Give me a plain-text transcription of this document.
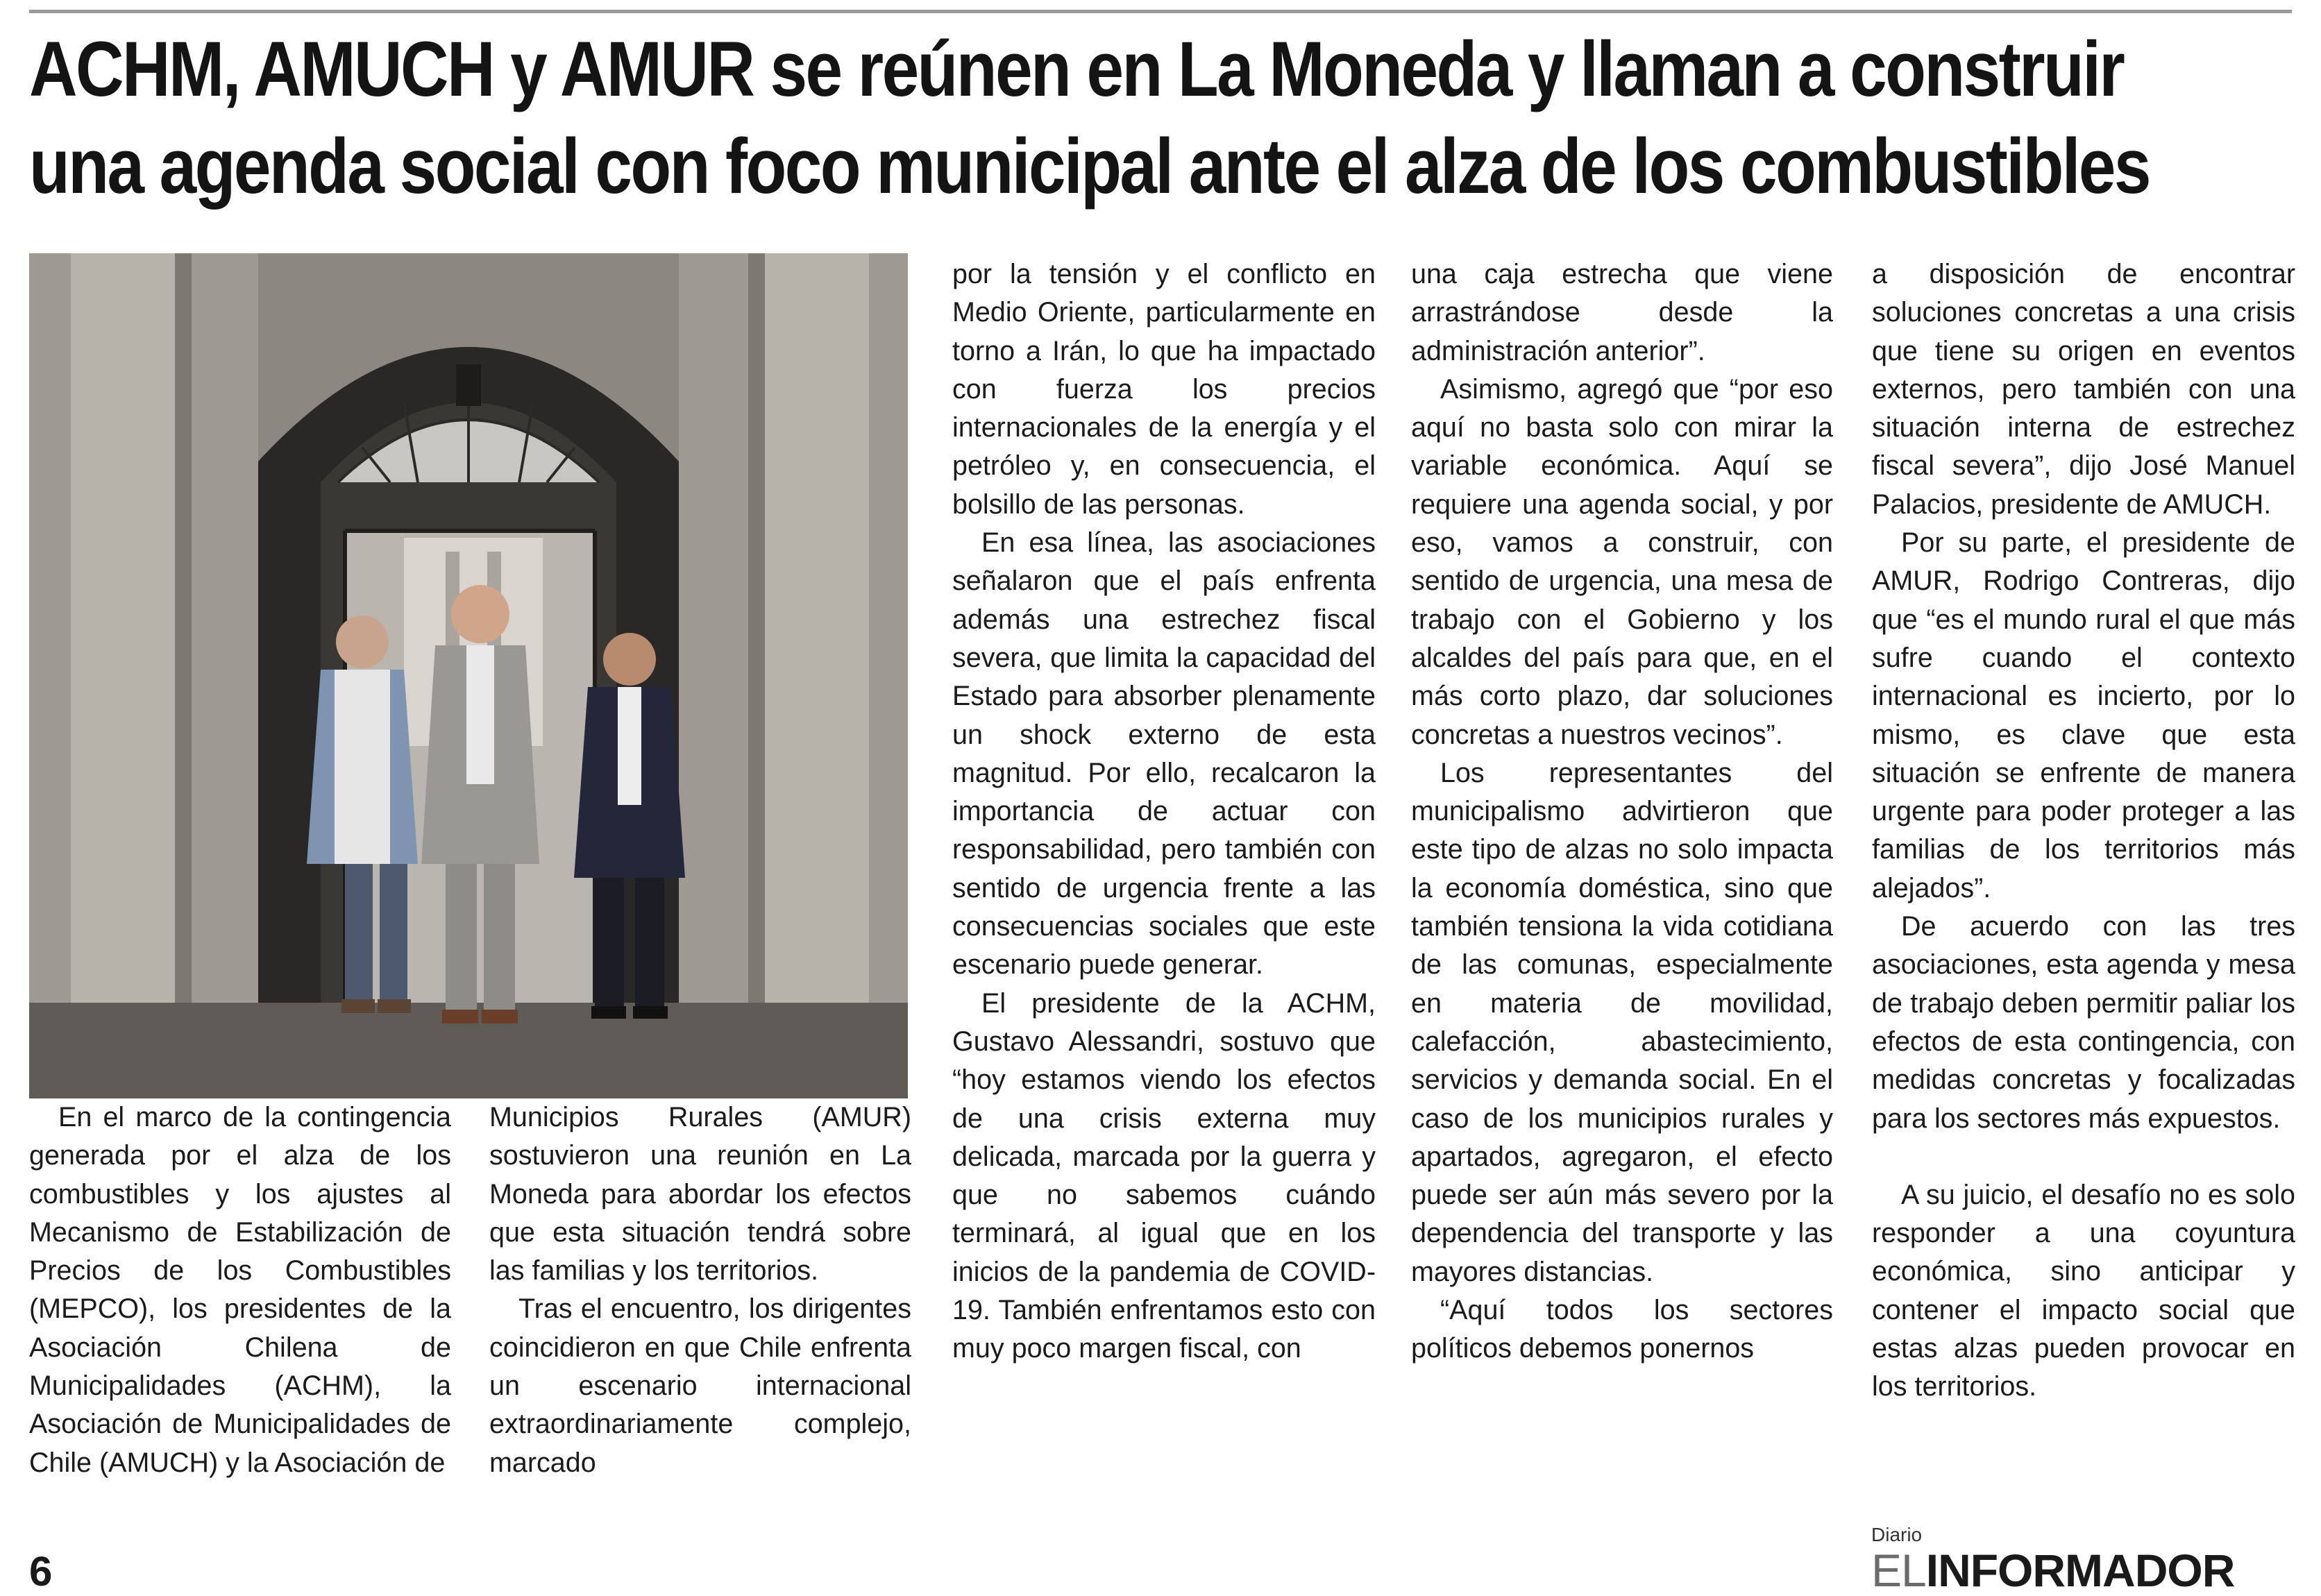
ACHM, AMUCH y AMUR se reúnen en La Moneda y llaman a construir
una agenda social con foco municipal ante el alza de los combustibles

En el marco de la contingencia generada por el alza de los combustibles y los ajustes al Mecanismo de Estabilización de Precios de los Combustibles (MEPCO), los presidentes de la Asociación Chilena de Municipalidades (ACHM), la Asociación de Municipalidades de Chile (AMUCH) y la Asociación de

Municipios Rurales (AMUR) sostuvieron una reunión en La Moneda para abordar los efectos que esta situación tendrá sobre las familias y los territorios.

Tras el encuentro, los dirigentes coincidieron en que Chile enfrenta un escenario internacional extraordinariamente complejo, marcado

por la tensión y el conflicto en Medio Oriente, particularmente en torno a Irán, lo que ha impactado con fuerza los precios internacionales de la energía y el petróleo y, en consecuencia, el bolsillo de las personas.

En esa línea, las asociaciones señalaron que el país enfrenta además una estrechez fiscal severa, que limita la capacidad del Estado para absorber plenamente un shock externo de esta magnitud. Por ello, recalcaron la importancia de actuar con responsabilidad, pero también con sentido de urgencia frente a las consecuencias sociales que este escenario puede generar.

El presidente de la ACHM, Gustavo Alessandri, sostuvo que “hoy estamos viendo los efectos de una crisis externa muy delicada, marcada por la guerra y que no sabemos cuándo terminará, al igual que en los inicios de la pandemia de COVID-19. También enfrentamos esto con muy poco margen fiscal, con

una caja estrecha que viene arrastrándose desde la administración anterior”.

Asimismo, agregó que “por eso aquí no basta solo con mirar la variable económica. Aquí se requiere una agenda social, y por eso, vamos a construir, con sentido de urgencia, una mesa de trabajo con el Gobierno y los alcaldes del país para que, en el más corto plazo, dar soluciones concretas a nuestros vecinos”.

Los representantes del municipalismo advirtieron que este tipo de alzas no solo impacta la economía doméstica, sino que también tensiona la vida cotidiana de las comunas, especialmente en materia de movilidad, calefacción, abastecimiento, servicios y demanda social. En el caso de los municipios rurales y apartados, agregaron, el efecto puede ser aún más severo por la dependencia del transporte y las mayores distancias.

“Aquí todos los sectores políticos debemos ponernos

a disposición de encontrar soluciones concretas a una crisis que tiene su origen en eventos externos, pero también con una situación interna de estrechez fiscal severa”, dijo José Manuel Palacios, presidente de AMUCH.

Por su parte, el presidente de AMUR, Rodrigo Contreras, dijo que “es el mundo rural el que más sufre cuando el contexto internacional es incierto, por lo mismo, es clave que esta situación se enfrente de manera urgente para poder proteger a las familias de los territorios más alejados”.

De acuerdo con las tres asociaciones, esta agenda y mesa de trabajo deben permitir paliar los efectos de esta contingencia, con medidas concretas y focalizadas para los sectores más expuestos.

A su juicio, el desafío no es solo responder a una coyuntura económica, sino anticipar y contener el impacto social que estas alzas pueden provocar en los territorios.

6
Diario
ELINFORMADOR
